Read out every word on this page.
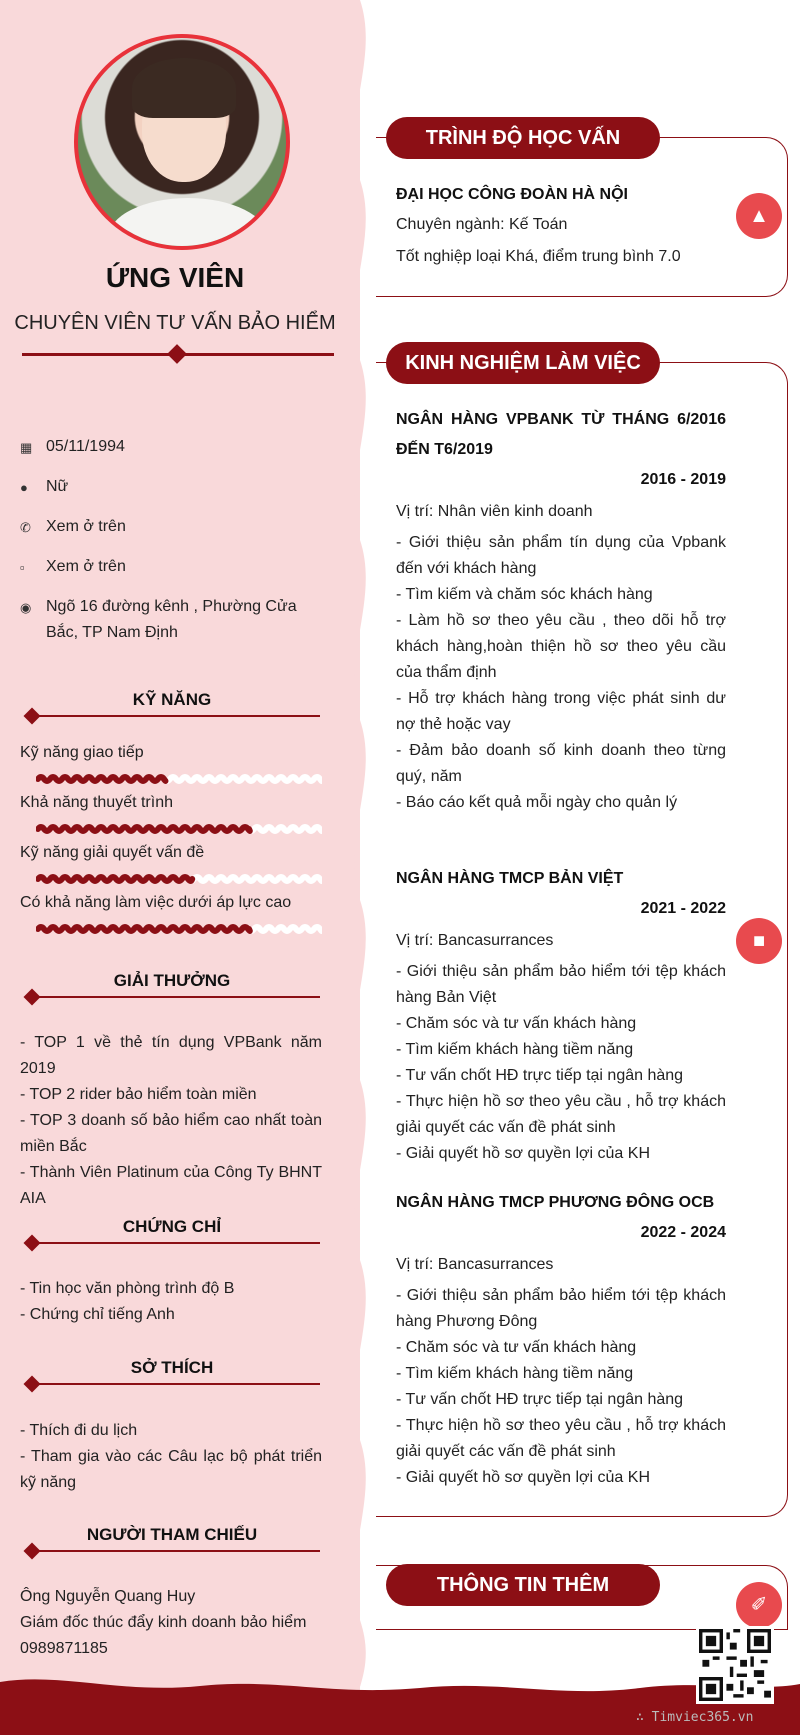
ỨNG VIÊN
CHUYÊN VIÊN TƯ VẤN BẢO HIỂM
▦ 05/11/1994
●	Nữ
✆ Xem ở trên
▫	Xem ở trên
◉ Ngõ 16 đường kênh , Phường Cửa Bắc, TP Nam Định
KỸ NĂNG
Kỹ năng giao tiếp
Khả năng thuyết trình
Kỹ năng giải quyết vấn đề
Có khả năng làm việc dưới áp lực cao
GIẢI THƯỞNG
- TOP 1 về thẻ tín dụng VPBank năm 2019
- TOP 2 rider bảo hiểm toàn miền
- TOP 3 doanh số bảo hiểm cao nhất toàn miền Bắc
- Thành Viên Platinum của Công Ty BHNT AIA
CHỨNG CHỈ
- Tin học văn phòng trình độ B
- Chứng chỉ tiếng Anh
SỞ THÍCH
- Thích đi du lịch
- Tham gia vào các Câu lạc bộ phát triển kỹ năng
NGƯỜI THAM CHIẾU
Ông Nguyễn Quang Huy
Giám đốc thúc đẩy kinh doanh bảo hiểm
0989871185
TRÌNH ĐỘ HỌC VẤN
▲
ĐẠI HỌC CÔNG ĐOÀN HÀ NỘI
Chuyên ngành: Kế Toán
Tốt nghiệp loại Khá, điểm trung bình 7.0
KINH NGHIỆM LÀM VIỆC
■
NGÂN HÀNG VPBANK TỪ THÁNG 6/2016 ĐẾN T6/2019
2016 - 2019
Vị trí: Nhân viên kinh doanh
- Giới thiệu sản phẩm tín dụng của Vpbank đến với khách hàng
- Tìm kiếm và chăm sóc khách hàng
- Làm hồ sơ theo yêu cầu , theo dõi hỗ trợ khách hàng,hoàn thiện hồ sơ theo yêu cầu của thẩm định
- Hỗ trợ khách hàng trong việc phát sinh dư nợ thẻ hoặc vay
- Đảm bảo doanh số kinh doanh theo từng quý, năm
- Báo cáo kết quả mỗi ngày cho quản lý
NGÂN HÀNG TMCP BẢN VIỆT
2021 - 2022
Vị trí: Bancasurrances
- Giới thiệu sản phẩm bảo hiểm tới tệp khách hàng Bản Việt
- Chăm sóc và tư vấn khách hàng
- Tìm kiếm khách hàng tiềm năng
- Tư vấn chốt HĐ trực tiếp tại ngân hàng
- Thực hiện hồ sơ theo yêu cầu , hỗ trợ khách giải quyết các vấn đề phát sinh
- Giải quyết hồ sơ quyền lợi của KH
NGÂN HÀNG TMCP PHƯƠNG ĐÔNG OCB
2022 - 2024
Vị trí: Bancasurrances
- Giới thiệu sản phẩm bảo hiểm tới tệp khách hàng Phương Đông
- Chăm sóc và tư vấn khách hàng
- Tìm kiếm khách hàng tiềm năng
- Tư vấn chốt HĐ trực tiếp tại ngân hàng
- Thực hiện hồ sơ theo yêu cầu , hỗ trợ khách giải quyết các vấn đề phát sinh
- Giải quyết hồ sơ quyền lợi của KH
THÔNG TIN THÊM
✐
∴ Timviec365.vn
